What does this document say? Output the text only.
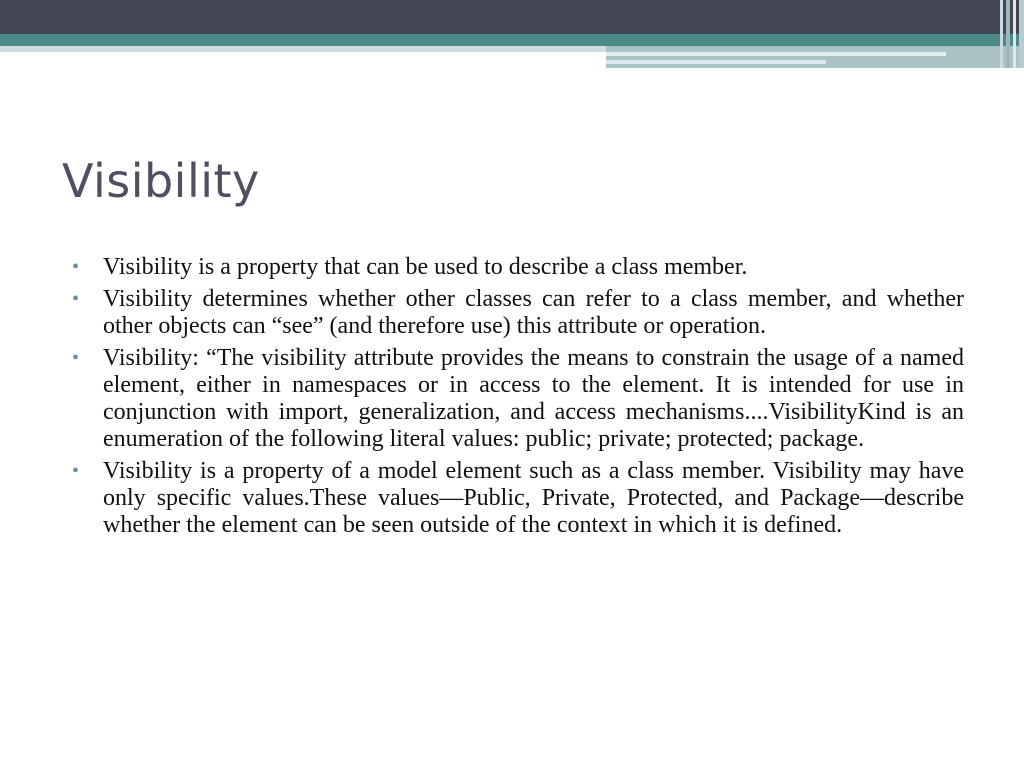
Visibility
• Visibility is a property that can be used to describe a class member.
• Visibility determines whether other classes can refer to a class member, and whether other objects can “see” (and therefore use) this attribute or operation.
• Visibility: “The visibility attribute provides the means to constrain the usage of a named element, either in namespaces or in access to the element. It is intended for use in conjunction with import, generalization, and access mechanisms....VisibilityKind is an enumeration of the following literal values: public; private; protected; package.
• Visibility is a property of a model element such as a class member. Visibility may have only specific values.These values—Public, Private, Protected, and Package—describe whether the element can be seen outside of the context in which it is defined.
